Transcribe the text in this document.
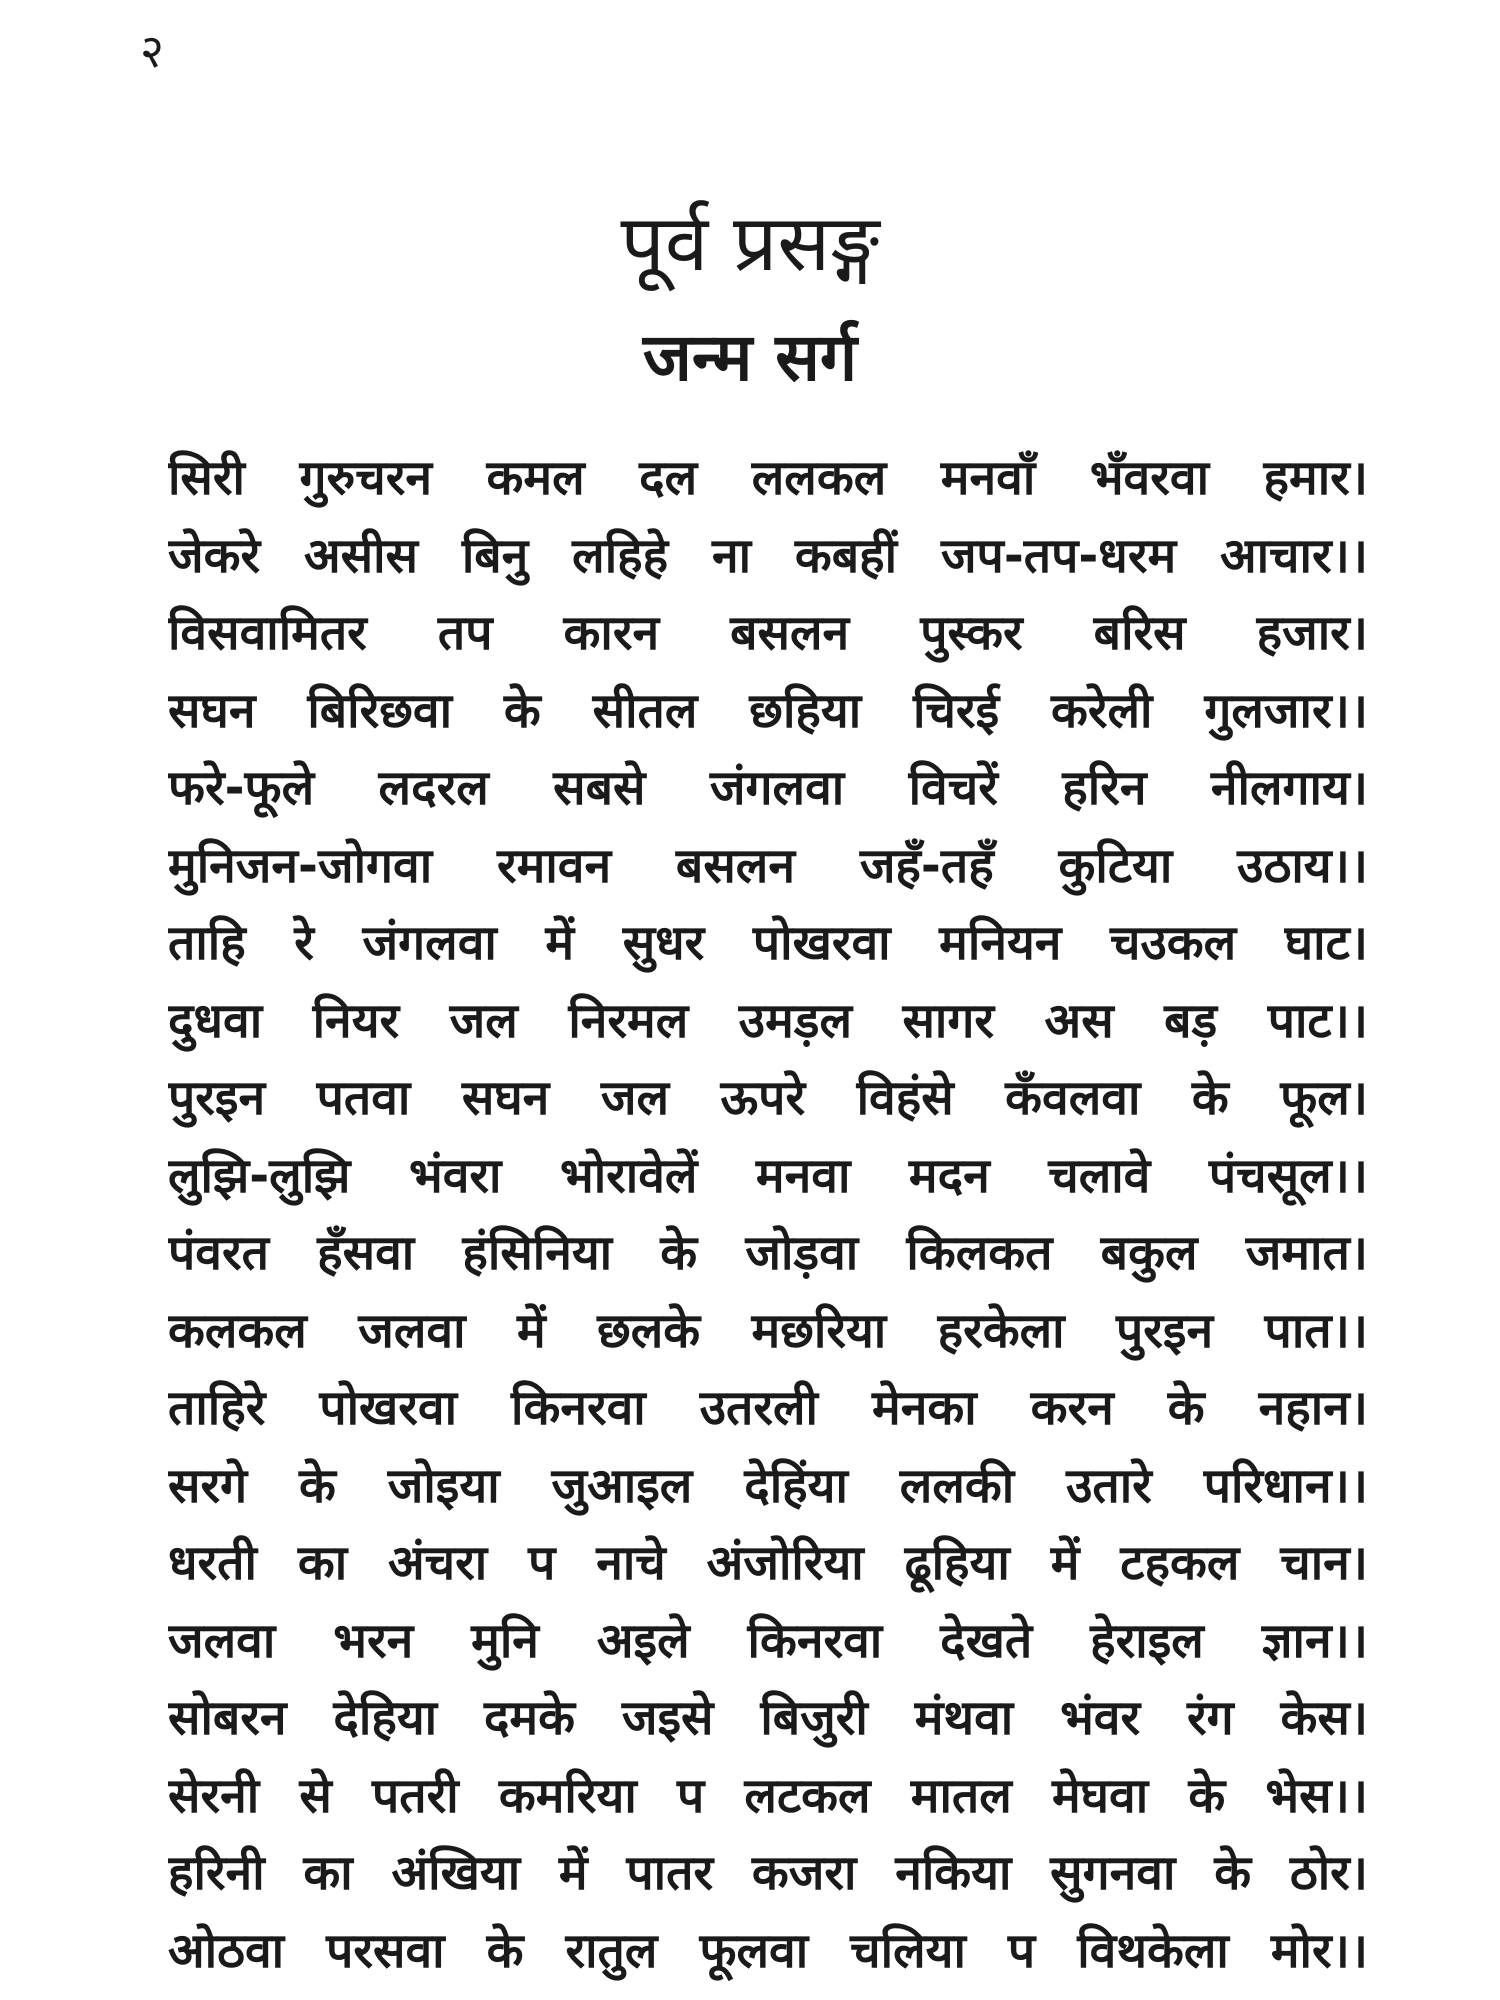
२
पूर्व प्रसङ्ग
जन्म सर्ग
सिरी गुरुचरन कमल दल ललकल मनवाँ भँवरवा हमार।
जेकरे असीस बिनु लहिहे ना कबहीं जप-तप-धरम आचार।।
विसवामितर तप कारन बसलन पुस्कर बरिस हजार।
सघन बिरिछवा के सीतल छहिया चिरई करेली गुलजार।।
फरे-फूले लदरल सबसे जंगलवा विचरें हरिन नीलगाय।
मुनिजन-जोगवा रमावन बसलन जहँ-तहँ कुटिया उठाय।।
ताहि रे जंगलवा में सुधर पोखरवा मनियन चउकल घाट।
दुधवा नियर जल निरमल उमड़ल सागर अस बड़ पाट।।
पुरइन पतवा सघन जल ऊपरे विहंसे कँवलवा के फूल।
लुझि-लुझि भंवरा भोरावेलें मनवा मदन चलावे पंचसूल।।
पंवरत हँसवा हंसिनिया के जोड़वा किलकत बकुल जमात।
कलकल जलवा में छलके मछरिया हरकेला पुरइन पात।।
ताहिरे पोखरवा किनरवा उतरली मेनका करन के नहान।
सरगे के जोइया जुआइल देहिंया ललकी उतारे परिधान।।
धरती का अंचरा प नाचे अंजोरिया ढूहिया में टहकल चान।
जलवा भरन मुनि अइले किनरवा देखते हेराइल ज्ञान।।
सोबरन देहिया दमके जइसे बिजुरी मंथवा भंवर रंग केस।
सेरनी से पतरी कमरिया प लटकल मातल मेघवा के भेस।।
हरिनी का अंखिया में पातर कजरा नकिया सुगनवा के ठोर।
ओठवा परसवा के रातुल फूलवा चलिया प विथकेला मोर।।
